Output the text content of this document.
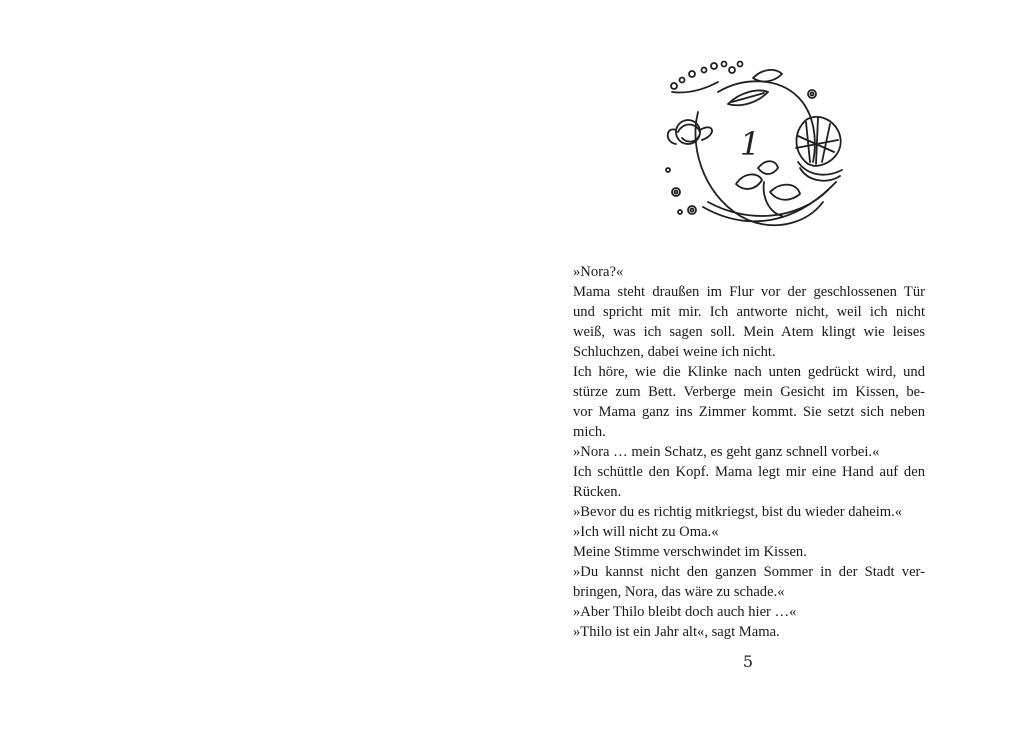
1
»Nora?«
Mama steht draußen im Flur vor der geschlossenen Tür
und spricht mit mir. Ich antworte nicht, weil ich nicht
weiß, was ich sagen soll. Mein Atem klingt wie leises
Schluchzen, dabei weine ich nicht.
Ich höre, wie die Klinke nach unten gedrückt wird, und
stürze zum Bett. Verberge mein Gesicht im Kissen, be-
vor Mama ganz ins Zimmer kommt. Sie setzt sich neben
mich.
»Nora … mein Schatz, es geht ganz schnell vorbei.«
Ich schüttle den Kopf. Mama legt mir eine Hand auf den
Rücken.
»Bevor du es richtig mitkriegst, bist du wieder daheim.«
»Ich will nicht zu Oma.«
Meine Stimme verschwindet im Kissen.
»Du kannst nicht den ganzen Sommer in der Stadt ver-
bringen, Nora, das wäre zu schade.«
»Aber Thilo bleibt doch auch hier …«
»Thilo ist ein Jahr alt«, sagt Mama.
5
